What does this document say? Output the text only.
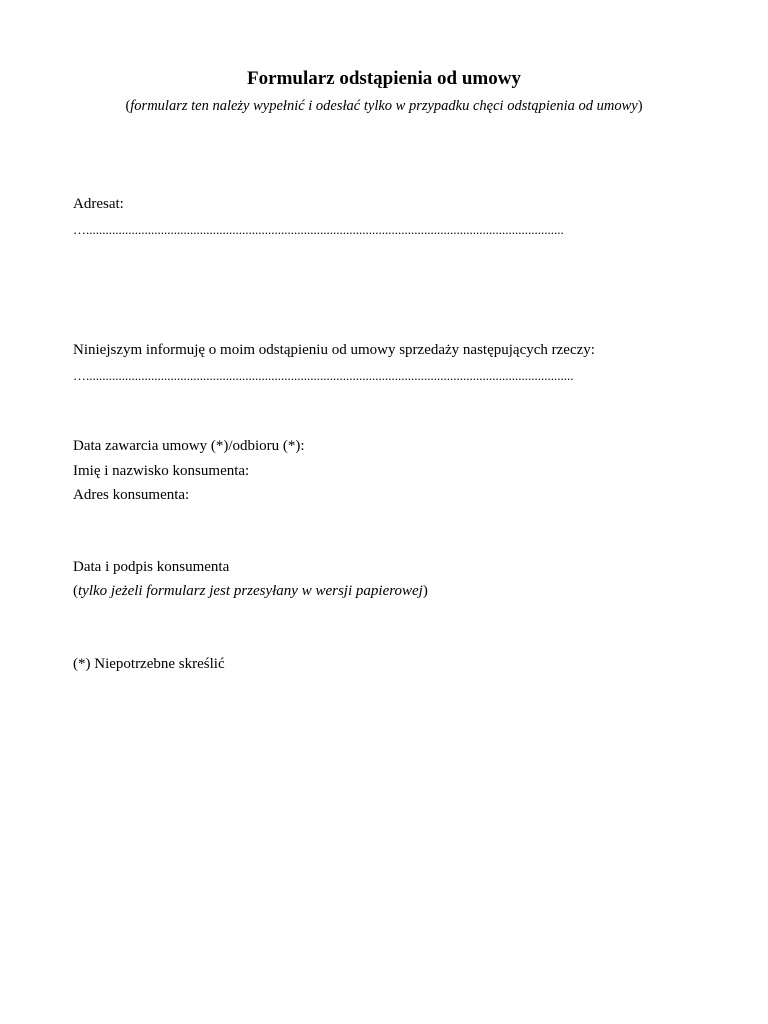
Formularz odstąpienia od umowy

(formularz ten należy wypełnić i odesłać tylko w przypadku chęci odstąpienia od umowy)

Adresat:

…...................................................................................................................................................

Niniejszym informuję o moim odstąpieniu od umowy sprzedaży następujących rzeczy:

…......................................................................................................................................................

Data zawarcia umowy (*)/odbioru (*):

Imię i nazwisko konsumenta:

Adres konsumenta:

Data i podpis konsumenta

(tylko jeżeli formularz jest przesyłany w wersji papierowej)

(*) Niepotrzebne skreślić
